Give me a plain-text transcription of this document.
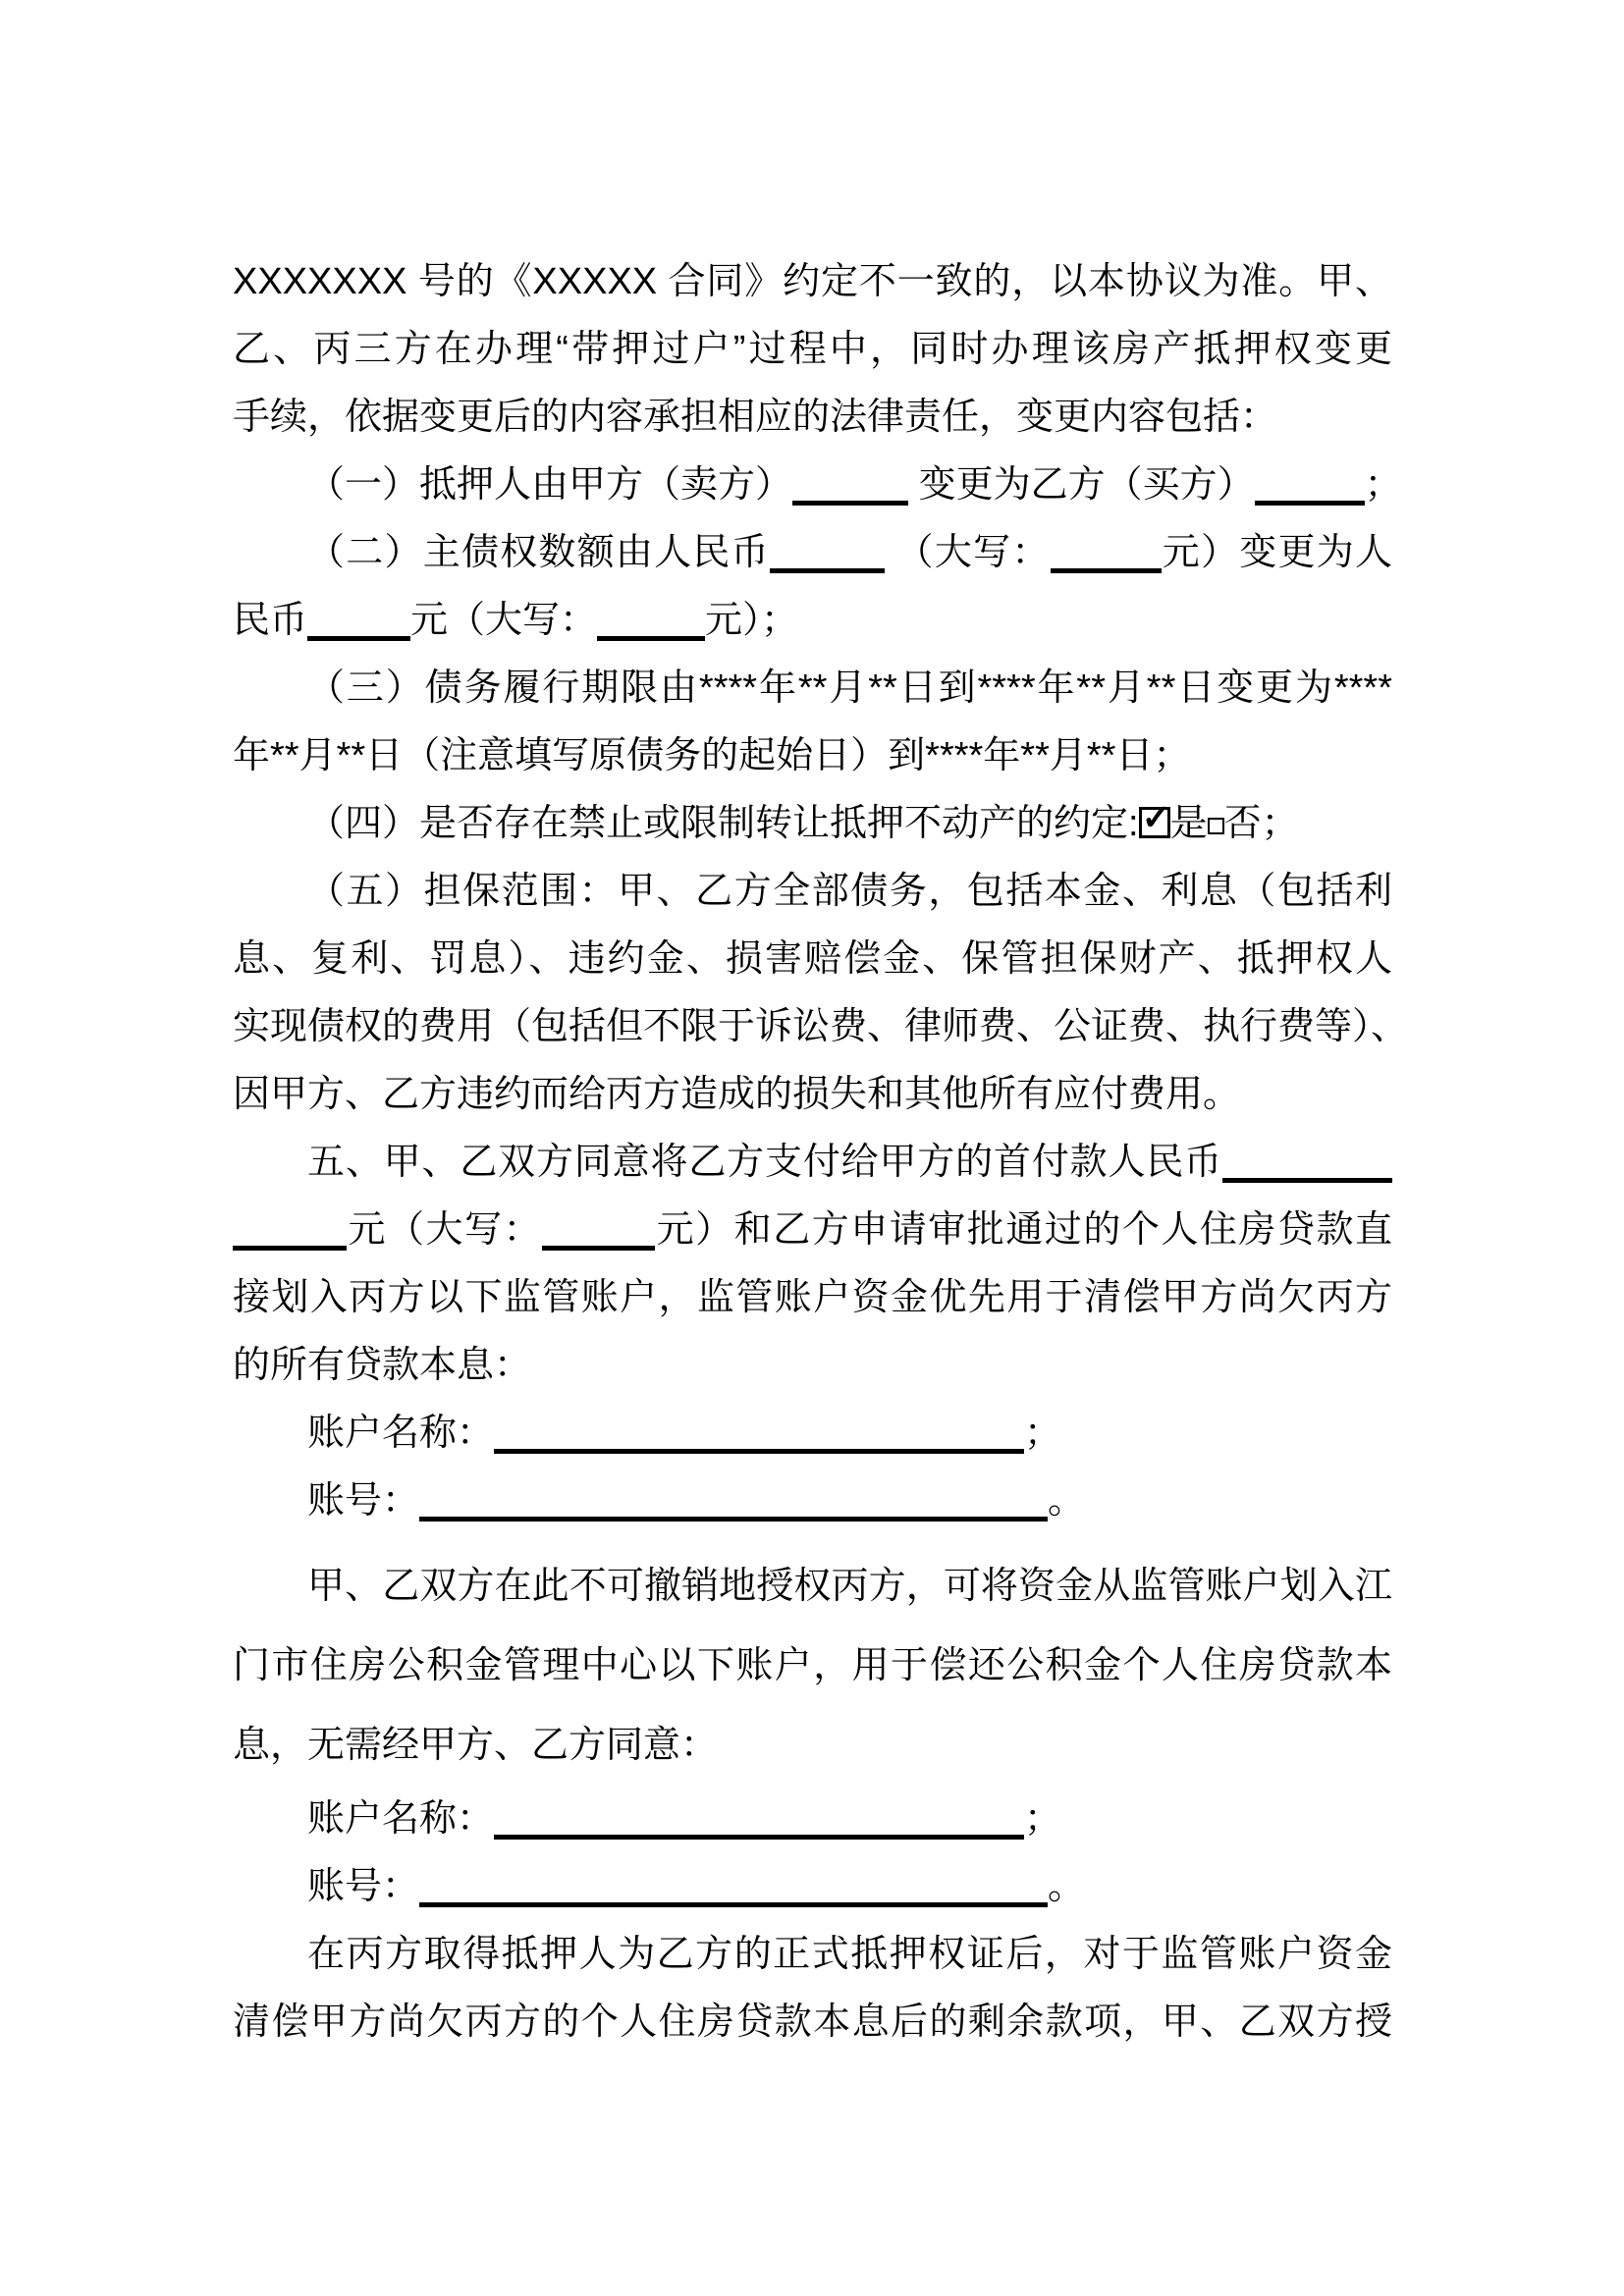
XXXXXXX 号的《XXXXX 合同》约定不一致的，以本协议为准。甲、
乙、丙三方在办理“带押过户”过程中，同时办理该房产抵押权变更
手续，依据变更后的内容承担相应的法律责任，变更内容包括：
（一）抵押人由甲方（卖方）	变更为乙方（买方）	；
（二）主债权数额由人民币	（大写：	元）变更为人
民币	元（大写：	元）；
（三）债务履行期限由****年**月**日到****年**月**日变更为****
年**月**日（注意填写原债务的起始日）到****年**月**日；
（四）是否存在禁止或限制转让抵押不动产的约定: ✓
是 否；
（五）担保范围：甲、乙方全部债务，包括本金、利息（包括利
息、复利、罚息）、违约金、损害赔偿金、保管担保财产、抵押权人
实现债权的费用（包括但不限于诉讼费、律师费、公证费、执行费等）、
因甲方、乙方违约而给丙方造成的损失和其他所有应付费用。
五、甲、乙双方同意将乙方支付给甲方的首付款人民币
元（大写：	元）和乙方申请审批通过的个人住房贷款直
接划入丙方以下监管账户，监管账户资金优先用于清偿甲方尚欠丙方
的所有贷款本息：
账户名称：	；
账号：	。
甲、乙双方在此不可撤销地授权丙方，可将资金从监管账户划入江
门市住房公积金管理中心以下账户，用于偿还公积金个人住房贷款本
息，无需经甲方、乙方同意：
账户名称：	；
账号：	。
在丙方取得抵押人为乙方的正式抵押权证后，对于监管账户资金
清偿甲方尚欠丙方的个人住房贷款本息后的剩余款项，甲、乙双方授
